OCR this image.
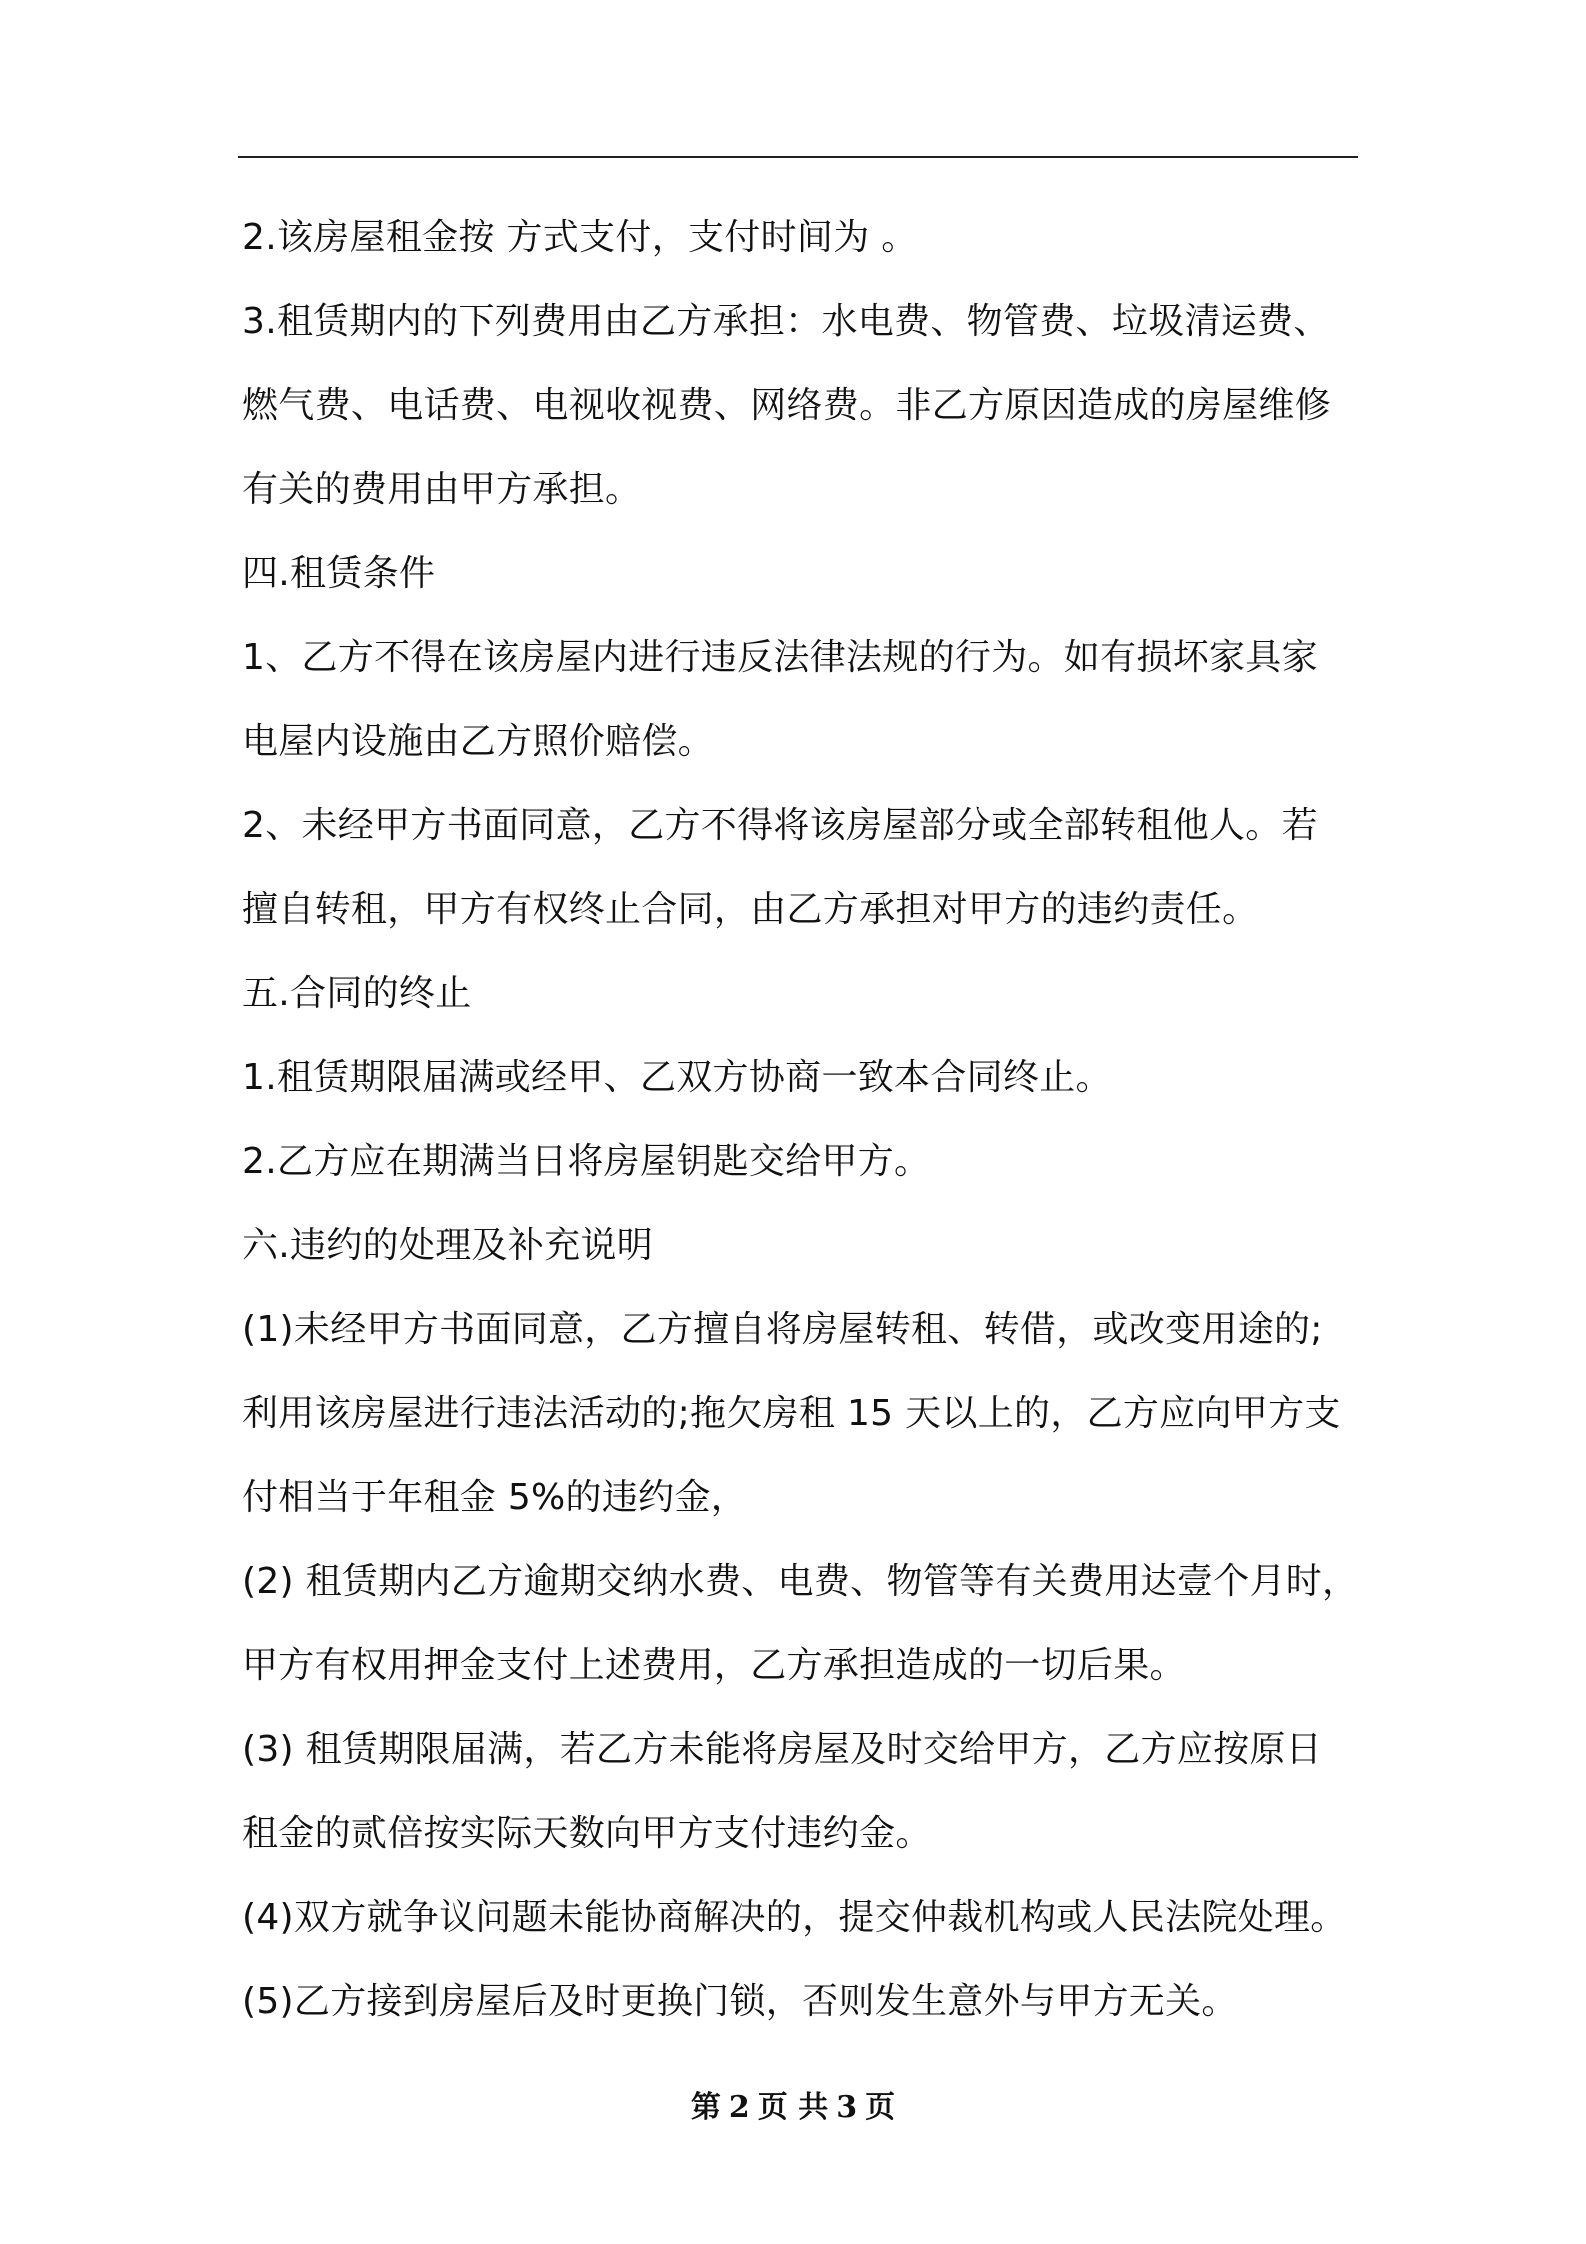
2.该房屋租金按 方式支付，支付时间为 。
3.租赁期内的下列费用由乙方承担：水电费、物管费、垃圾清运费、
燃气费、电话费、电视收视费、网络费。非乙方原因造成的房屋维修
有关的费用由甲方承担。
四.租赁条件
1、乙方不得在该房屋内进行违反法律法规的行为。如有损坏家具家
电屋内设施由乙方照价赔偿。
2、未经甲方书面同意，乙方不得将该房屋部分或全部转租他人。若
擅自转租，甲方有权终止合同，由乙方承担对甲方的违约责任。
五.合同的终止
1.租赁期限届满或经甲、乙双方协商一致本合同终止。
2.乙方应在期满当日将房屋钥匙交给甲方。
六.违约的处理及补充说明
(1)未经甲方书面同意，乙方擅自将房屋转租、转借，或改变用途的;
利用该房屋进行违法活动的;拖欠房租 15 天以上的，乙方应向甲方支
付相当于年租金 5%的违约金，
(2) 租赁期内乙方逾期交纳水费、电费、物管等有关费用达壹个月时，
甲方有权用押金支付上述费用，乙方承担造成的一切后果。
(3) 租赁期限届满，若乙方未能将房屋及时交给甲方，乙方应按原日
租金的贰倍按实际天数向甲方支付违约金。
(4)双方就争议问题未能协商解决的，提交仲裁机构或人民法院处理。
(5)乙方接到房屋后及时更换门锁，否则发生意外与甲方无关。
第 2 页 共 3 页
